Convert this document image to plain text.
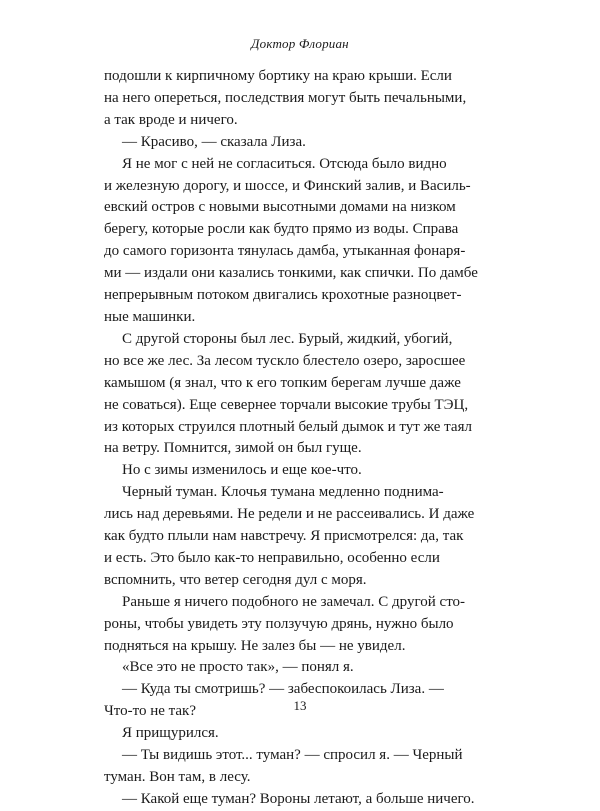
Доктор Флориан
подошли к кирпичному бортику на краю крыши. Если
на него опереться, последствия могут быть печальными,
а так вроде и ничего.
— Красиво, — сказала Лиза.
Я не мог с ней не согласиться. Отсюда было видно
и железную дорогу, и шоссе, и Финский залив, и Василь-
евский остров с новыми высотными домами на низком
берегу, которые росли как будто прямо из воды. Справа
до самого горизонта тянулась дамба, утыканная фонаря-
ми — издали они казались тонкими, как спички. По дамбе
непрерывным потоком двигались крохотные разноцвет-
ные машинки.
С другой стороны был лес. Бурый, жидкий, убогий,
но все же лес. За лесом тускло блестело озеро, заросшее
камышом (я знал, что к его топким берегам лучше даже
не соваться). Еще севернее торчали высокие трубы ТЭЦ,
из которых струился плотный белый дымок и тут же таял
на ветру. Помнится, зимой он был гуще.
Но с зимы изменилось и еще кое-что.
Черный туман. Клочья тумана медленно поднима-
лись над деревьями. Не редели и не рассеивались. И даже
как будто плыли нам навстречу. Я присмотрелся: да, так
и есть. Это было как-то неправильно, особенно если
вспомнить, что ветер сегодня дул с моря.
Раньше я ничего подобного не замечал. С другой сто-
роны, чтобы увидеть эту ползучую дрянь, нужно было
подняться на крышу. Не залез бы — не увидел.
«Все это не просто так», — понял я.
— Куда ты смотришь? — забеспокоилась Лиза. —
Что-то не так?
Я прищурился.
— Ты видишь этот... туман? — спросил я. — Черный
туман. Вон там, в лесу.
— Какой еще туман? Вороны летают, а больше ничего.
13
